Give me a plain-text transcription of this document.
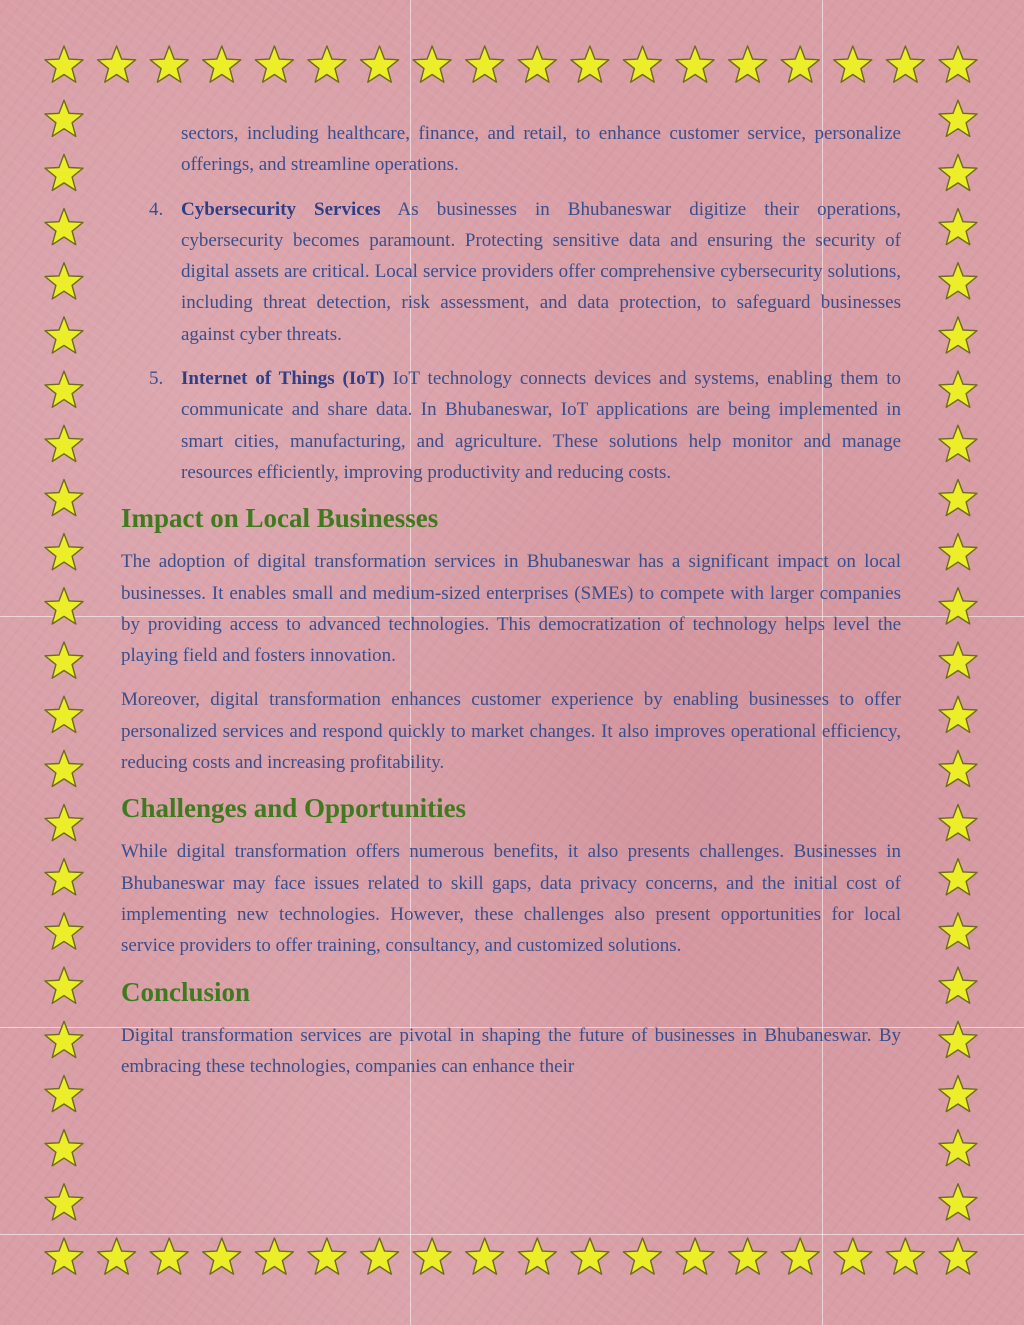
sectors, including healthcare, finance, and retail, to enhance customer service, personalize offerings, and streamline operations.

4. Cybersecurity Services As businesses in Bhubaneswar digitize their operations, cybersecurity becomes paramount. Protecting sensitive data and ensuring the security of digital assets are critical. Local service providers offer comprehensive cybersecurity solutions, including threat detection, risk assessment, and data protection, to safeguard businesses against cyber threats.
5. Internet of Things (IoT) IoT technology connects devices and systems, enabling them to communicate and share data. In Bhubaneswar, IoT applications are being implemented in smart cities, manufacturing, and agriculture. These solutions help monitor and manage resources efficiently, improving productivity and reducing costs.
Impact on Local Businesses

The adoption of digital transformation services in Bhubaneswar has a significant impact on local businesses. It enables small and medium-sized enterprises (SMEs) to compete with larger companies by providing access to advanced technologies. This democratization of technology helps level the playing field and fosters innovation.

Moreover, digital transformation enhances customer experience by enabling businesses to offer personalized services and respond quickly to market changes. It also improves operational efficiency, reducing costs and increasing profitability.

Challenges and Opportunities

While digital transformation offers numerous benefits, it also presents challenges. Businesses in Bhubaneswar may face issues related to skill gaps, data privacy concerns, and the initial cost of implementing new technologies. However, these challenges also present opportunities for local service providers to offer training, consultancy, and customized solutions.

Conclusion

Digital transformation services are pivotal in shaping the future of businesses in Bhubaneswar. By embracing these technologies, companies can enhance their
